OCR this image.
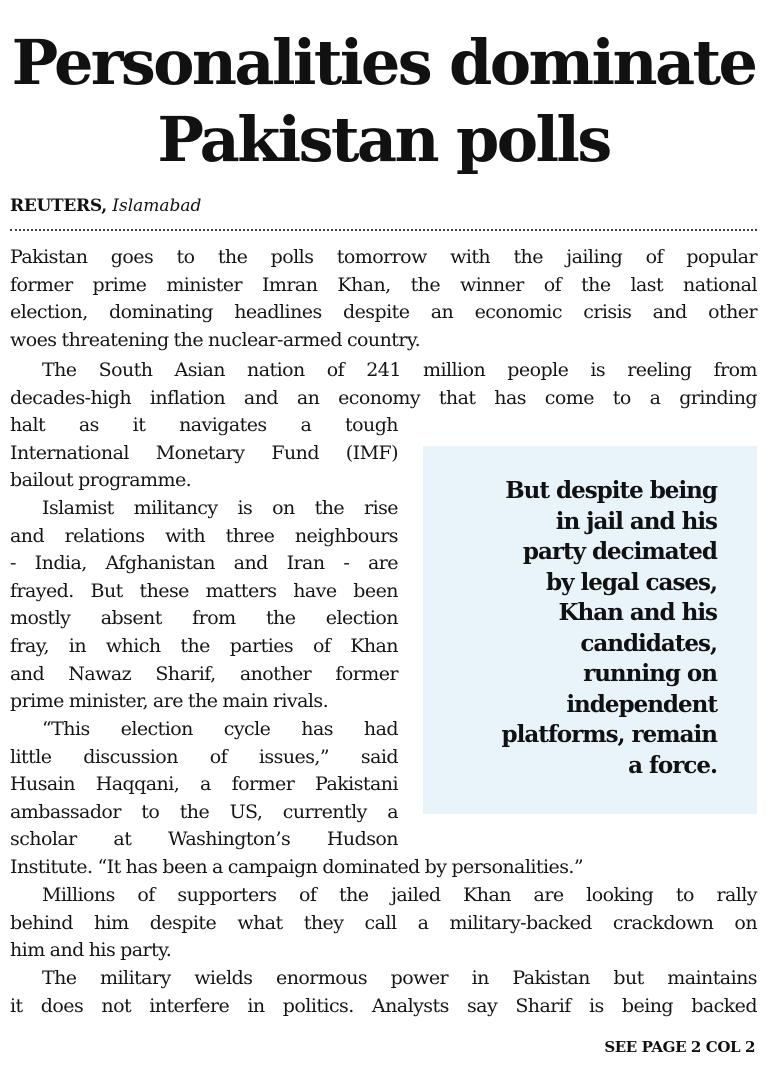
Personalities dominate
Pakistan polls
REUTERS, Islamabad

Pakistan goes to the polls tomorrow with the jailing of popular
former prime minister Imran Khan, the winner of the last national
election, dominating headlines despite an economic crisis and other
woes threatening the nuclear-armed country.

The South Asian nation of 241 million people is reeling from
decades-high inflation and an economy that has come to a grinding

halt as it navigates a tough
International Monetary Fund (IMF)
bailout programme.

Islamist militancy is on the rise
and relations with three neighbours
- India, Afghanistan and Iran - are
frayed. But these matters have been
mostly absent from the election
fray, in which the parties of Khan
and Nawaz Sharif, another former
prime minister, are the main rivals.

“This election cycle has had
little discussion of issues,” said
Husain Haqqani, a former Pakistani
ambassador to the US, currently a
scholar at Washington’s Hudson

Institute. “It has been a campaign dominated by personalities.”

Millions of supporters of the jailed Khan are looking to rally
behind him despite what they call a military-backed crackdown on
him and his party.

The military wields enormous power in Pakistan but maintains
it does not interfere in politics. Analysts say Sharif is being backed

But despite being
in jail and his
party decimated
by legal cases,
Khan and his
candidates,
running on
independent
platforms, remain
a force.

SEE PAGE 2 COL 2
